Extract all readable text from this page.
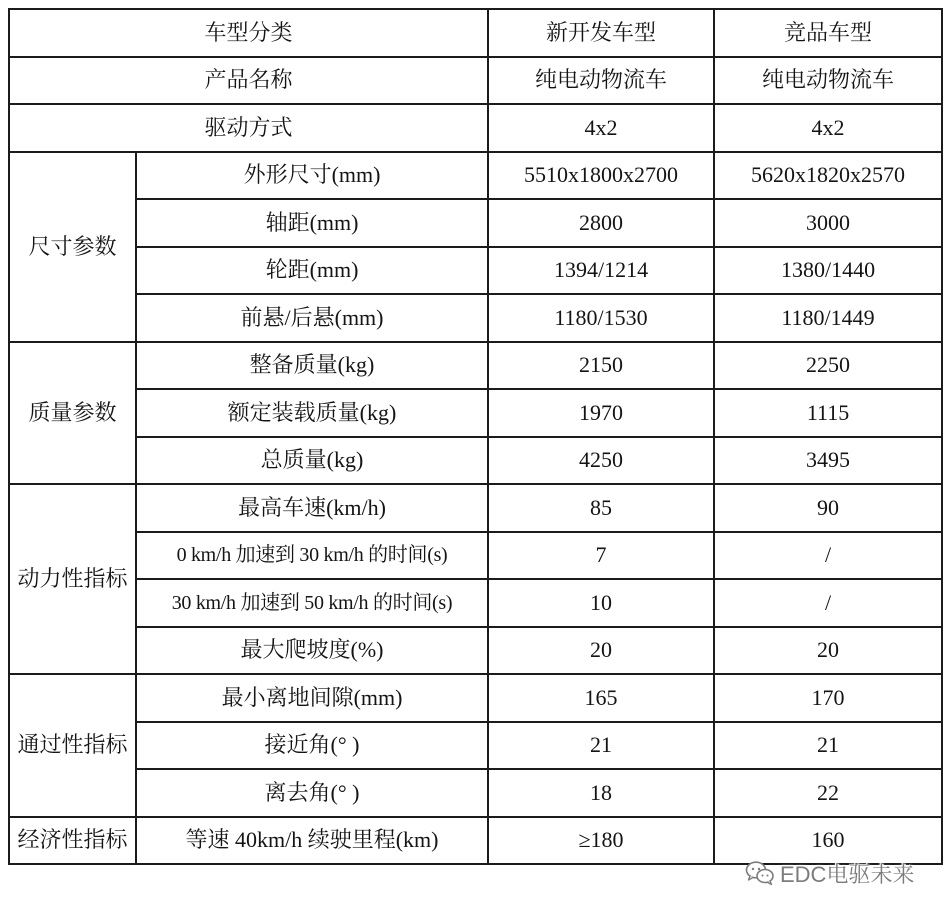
车型分类		新开发车型	竞品车型
产品名称		纯电动物流车	纯电动物流车
驱动方式		4x2	4x2
尺寸参数	外形尺寸(mm)	5510x1800x2700	5620x1820x2570
	轴距(mm)	2800	3000
	轮距(mm)	1394/1214	1380/1440
	前悬/后悬(mm)	1180/1530	1180/1449
质量参数	整备质量(kg)	2150	2250
	额定装载质量(kg)	1970	1115
	总质量(kg)	4250	3495
动力性指标	最高车速(km/h)	85	90
	0 km/h 加速到 30 km/h 的时间(s)	7	/
	30 km/h 加速到 50 km/h 的时间(s)	10	/
	最大爬坡度(%)	20	20
通过性指标	最小离地间隙(mm)	165	170
	接近角(° )	21	21
	离去角(° )	18	22
经济性指标	等速 40km/h 续驶里程(km)	≥180	160
EDC电驱未来
